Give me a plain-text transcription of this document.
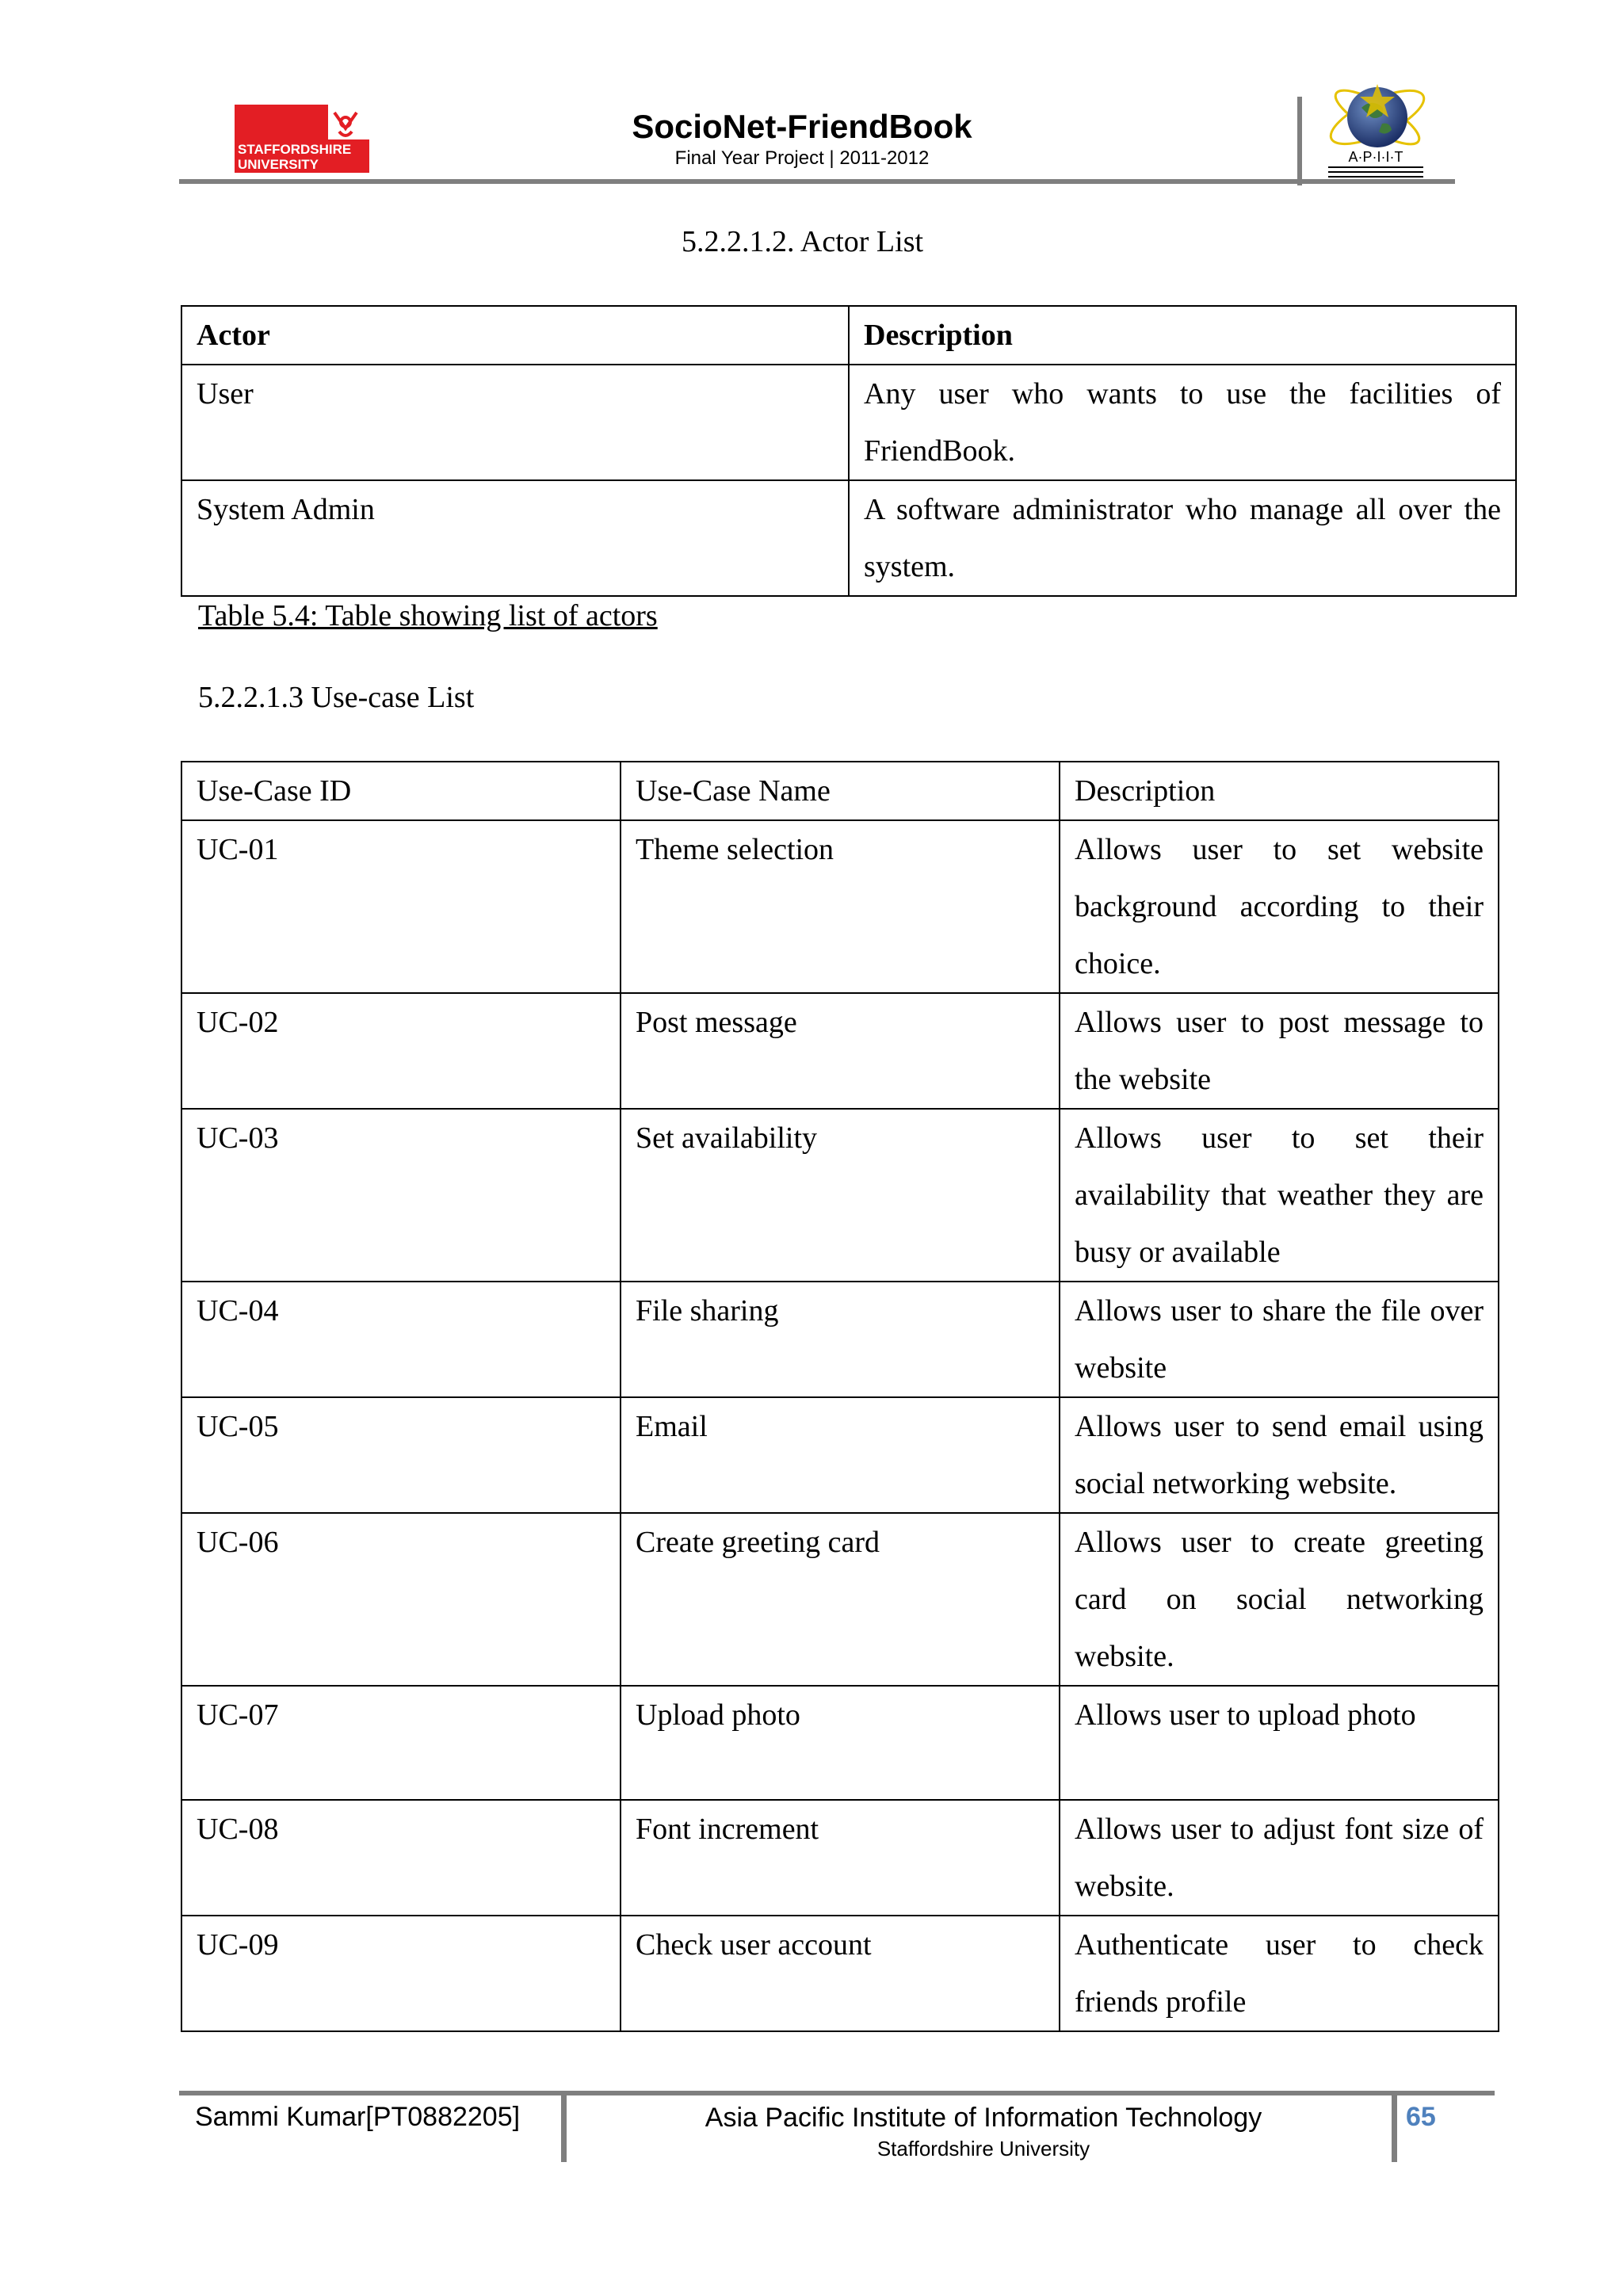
STAFFORDSHIRE
UNIVERSITY
SocioNet-FriendBook
Final Year Project | 2011-2012	A·P·I·I·T
5.2.2.1.2. Actor List
Actor	Description
User	Any user who wants to use the facilities of FriendBook.
System Admin	A software administrator who manage all over the system.
Table 5.4: Table showing list of actors
5.2.2.1.3 Use-case List
Use-Case ID	Use-Case Name	Description
UC-01	Theme selection	Allows user to set website background according to their choice.
UC-02	Post message	Allows user to post message to the website
UC-03	Set availability	Allows user to set their availability that weather they are busy or available
UC-04	File sharing	Allows user to share the file over website
UC-05	Email	Allows user to send email using social networking website.
UC-06	Create greeting card	Allows user to create greeting card on social networking website.
UC-07	Upload photo	Allows user to upload photo
UC-08	Font increment	Allows user to adjust font size of website.
UC-09	Check user account	Authenticate user to check friends profile
Sammi Kumar[PT0882205]	Asia Pacific Institute of Information Technology
Staffordshire University
65
